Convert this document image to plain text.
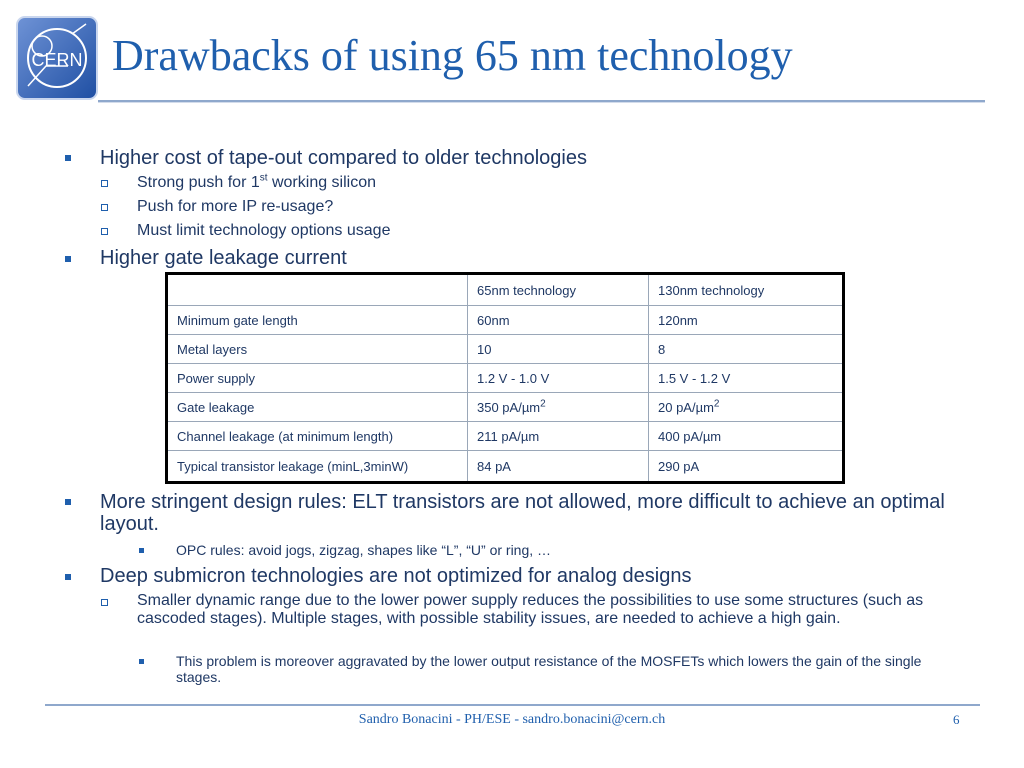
CERN Drawbacks of using 65 nm technology
Higher cost of tape-out compared to older technologies
Strong push for 1st working silicon
Push for more IP re-usage?
Must limit technology options usage
Higher gate leakage current
	65nm technology	130nm technology
Minimum gate length	60nm	120nm
Metal layers	10	8
Power supply	1.2 V - 1.0 V	1.5 V - 1.2 V
Gate leakage	350 pA/µm$^2$	20 pA/µm$^2$
Channel leakage (at minimum length)	211 pA/µm	400 pA/µm
Typical transistor leakage (minL,3minW)	84 pA	290 pA
More stringent design rules: ELT transistors are not allowed, more difficult to achieve an optimal layout.
OPC rules: avoid jogs, zigzag, shapes like “L”, “U” or ring, …
Deep submicron technologies are not optimized for analog designs
Smaller dynamic range due to the lower power supply reduces the possibilities to use some structures (such as cascoded stages). Multiple stages, with possible stability issues, are needed to achieve a high gain.
This problem is moreover aggravated by the lower output resistance of the MOSFETs which lowers the gain of the single stages.
Sandro Bonacini - PH/ESE - sandro.bonacini@cern.ch	6
